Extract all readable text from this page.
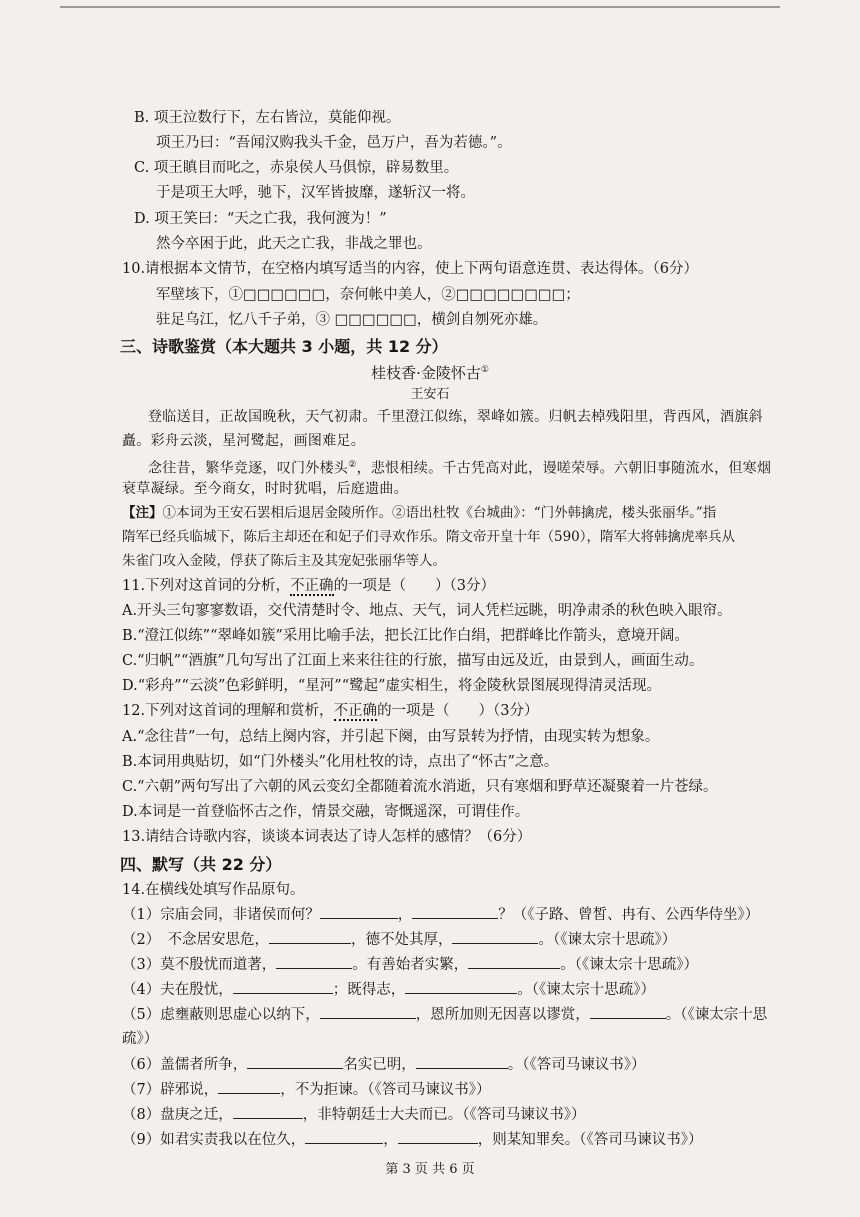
B. 项王泣数行下，左右皆泣，莫能仰视。
项王乃曰：“吾闻汉购我头千金，邑万户，吾为若德。”。
C. 项王瞋目而叱之，赤泉侯人马俱惊，辟易数里。
于是项王大呼，驰下，汉军皆披靡，遂斩汉一将。
D. 项王笑曰：“天之亡我，我何渡为！”
然今卒困于此，此天之亡我，非战之罪也。
10.请根据本文情节，在空格内填写适当的内容，使上下两句语意连贯、表达得体。（6分）
军壁垓下，①□□□□□□，奈何帐中美人，②□□□□□□□□；
驻足乌江，忆八千子弟，③ □□□□□□，横剑自刎死亦雄。
三、诗歌鉴赏（本大题共 3 小题，共 12 分）
桂枝香·金陵怀古①
王安石
登临送目，正故国晚秋，天气初肃。千里澄江似练，翠峰如簇。归帆去棹残阳里，背西风，酒旗斜
矗。彩舟云淡，星河鹭起，画图难足。
念往昔，繁华竞逐，叹门外楼头②，悲恨相续。千古凭高对此，谩嗟荣辱。六朝旧事随流水，但寒烟
衰草凝绿。至今商女，时时犹唱，后庭遗曲。
【注】①本词为王安石罢相后退居金陵所作。②语出杜牧《台城曲》：“门外韩擒虎，楼头张丽华。”指
隋军已经兵临城下，陈后主却还在和妃子们寻欢作乐。隋文帝开皇十年（590），隋军大将韩擒虎率兵从
朱雀门攻入金陵，俘获了陈后主及其宠妃张丽华等人。
11.下列对这首词的分析，不正确的一项是（　　）（3分）
A.开头三句寥寥数语，交代清楚时令、地点、天气，词人凭栏远眺，明净肃杀的秋色映入眼帘。
B.“澄江似练”“翠峰如簇”采用比喻手法，把长江比作白绢，把群峰比作箭头，意境开阔。
C.“归帆”“酒旗”几句写出了江面上来来往往的行旅，描写由远及近，由景到人，画面生动。
D.“彩舟”“云淡”色彩鲜明，“星河”“鹭起”虚实相生，将金陵秋景图展现得清灵活现。
12.下列对这首词的理解和赏析，不正确的一项是（　　）（3分）
A.“念往昔”一句，总结上阕内容，并引起下阕，由写景转为抒情，由现实转为想象。
B.本词用典贴切，如“门外楼头”化用杜牧的诗，点出了“怀古”之意。
C.“六朝”两句写出了六朝的风云变幻全都随着流水消逝，只有寒烟和野草还凝聚着一片苍绿。
D.本词是一首登临怀古之作，情景交融，寄慨遥深，可谓佳作。
13.请结合诗歌内容，谈谈本词表达了诗人怎样的感情？（6分）
四、默写（共 22 分）
14.在横线处填写作品原句。
（1）宗庙会同，非诸侯而何？	，	？（《子路、曾皙、冉有、公西华侍坐》）
（2）　不念居安思危，	，德不处其厚，	。（《谏太宗十思疏》）
（3）莫不殷忧而道著，	。有善始者实繁，	。（《谏太宗十思疏》）
（4）夫在殷忧，	；既得志，	。（《谏太宗十思疏》）
（5）虑壅蔽则思虚心以纳下，	，恩所加则无因喜以谬赏，	。（《谏太宗十思
疏》）
（6）盖儒者所争，	名实已明，	。（《答司马谏议书》）
（7）辟邪说，	，不为拒谏。（《答司马谏议书》）
（8）盘庚之迁，	，非特朝廷士大夫而已。（《答司马谏议书》）
（9）如君实责我以在位久，	，	，则某知罪矣。（《答司马谏议书》）
第 3 页 共 6 页
